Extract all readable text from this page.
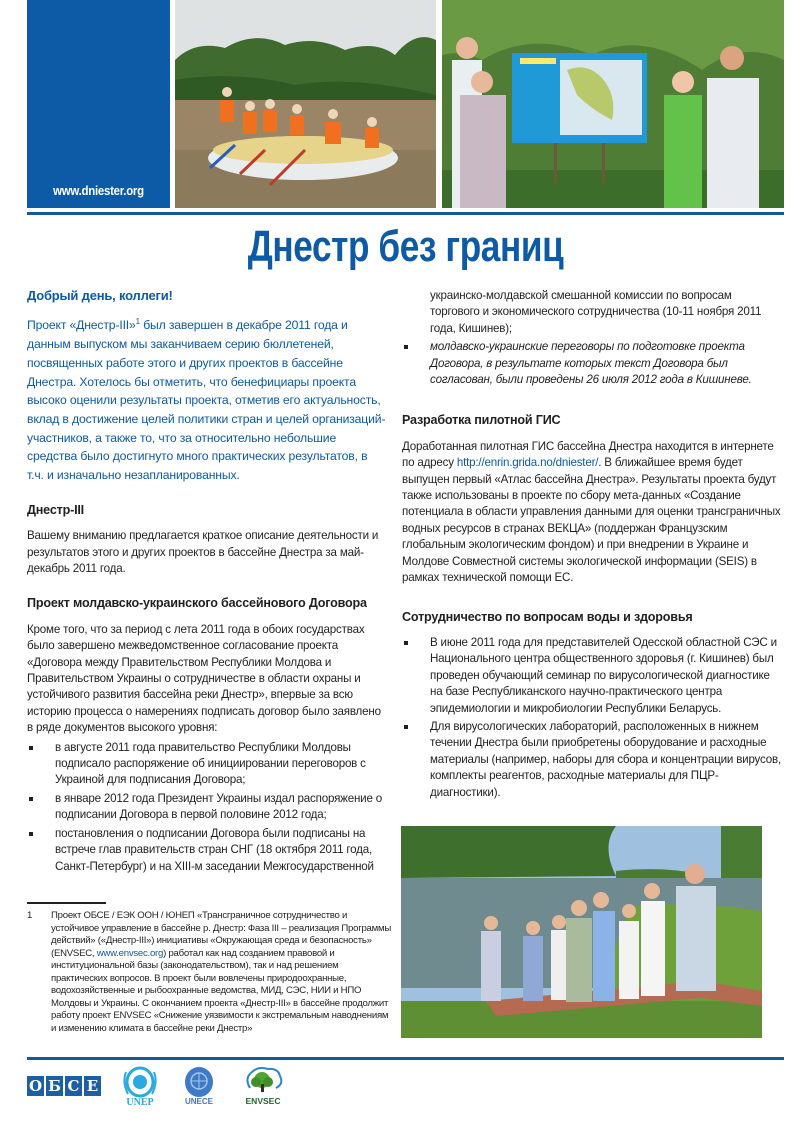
www.dniester.org
Днестр без границ
Добрый день, коллеги!

Проект «Днестр-III»$^1$ был завершен в декабре 2011 года и данным выпуском мы заканчиваем серию бюллетеней, посвященных работе этого и других проектов в бассейне Днестра. Хотелось бы отметить, что бенефициары проекта высоко оценили результаты проекта, отметив его актуальность, вклад в достижение целей политики стран и целей организаций-участников, а также то, что за относительно небольшие средства было достигнуто много практических результатов, в т.ч. и изначально незапланированных.

Днестр-III

Вашему вниманию предлагается краткое описание деятельности и результатов этого и других проектов в бассейне Днестра за май-декабрь 2011 года.

Проект молдавско-украинского бассейнового Договора

Кроме того, что за период с лета 2011 года в обоих государствах было завершено межведомственное согласование проекта «Договора между Правительством Республики Молдова и Правительством Украины о сотрудничестве в области охраны и устойчивого развития бассейна реки Днестр», впервые за всю историю процесса о намерениях подписать договор было заявлено в ряде документов высокого уровня:

в августе 2011 года правительство Республики Молдовы подписало распоряжение об инициировании переговоров с Украиной для подписания Договора;
в январе 2012 года Президент Украины издал распоряжение о подписании Договора в первой половине 2012 года;
постановления о подписании Договора были подписаны на встрече глав правительств стран СНГ (18 октября 2011 года, Санкт-Петербург) и на XIII-м заседании Межгосударственной
1 Проект ОБСЕ / ЕЭК ООН / ЮНЕП «Трансграничное сотрудничество и устойчивое управление в бассейне р. Днестр: Фаза III – реализация Программы действий» («Днестр-III») инициативы «Окружающая среда и безопасность» (ENVSEC, www.envsec.org) работал как над созданием правовой и институциональной базы (законодательством), так и над решением практических вопросов. В проект были вовлечены природоохранные, водохозяйственные и рыбоохранные ведомства, МИД, СЭС, НИИ и НПО Молдовы и Украины. С окончанием проекта «Днестр-III» в бассейне продолжит работу проект ENVSEC «Снижение уязвимости к экстремальным наводнениям и изменению климата в бассейне реки Днестр»
украинско-молдавской смешанной комиссии по вопросам торгового и экономического сотрудничества (10-11 ноября 2011 года, Кишинев);
молдавско-украинские переговоры по подготовке проекта Договора, в результате которых текст Договора был согласован, были проведены 26 июля 2012 года в Кишиневе.
Разработка пилотной ГИС

Доработанная пилотная ГИС бассейна Днестра находится в интернете по адресу http://enrin.grida.no/dniester/. В ближайшее время будет выпущен первый «Атлас бассейна Днестра». Результаты проекта будут также использованы в проекте по сбору мета-данных «Создание потенциала в области управления данными для оценки трансграничных водных ресурсов в странах ВЕКЦА» (поддержан Французским глобальным экологическим фондом) и при внедрении в Украине и Молдове Совместной системы экологической информации (SEIS) в рамках технической помощи ЕС.

Сотрудничество по вопросам воды и здоровья
В июне 2011 года для представителей Одесской областной СЭС и Национального центра общественного здоровья (г. Кишинев) был проведен обучающий семинар по вирусологической диагностике на базе Республиканского научно-практического центра эпидемиологии и микробиологии Республики Беларусь.
Для вирусологических лабораторий, расположенных в нижнем течении Днестра были приобретены оборудование и расходные материалы (например, наборы для сбора и концентрации вирусов, комплекты реагентов, расходные материалы для ПЦР-диагностики).
О Б С Е
UNEP	UNECE	ENVSEC
